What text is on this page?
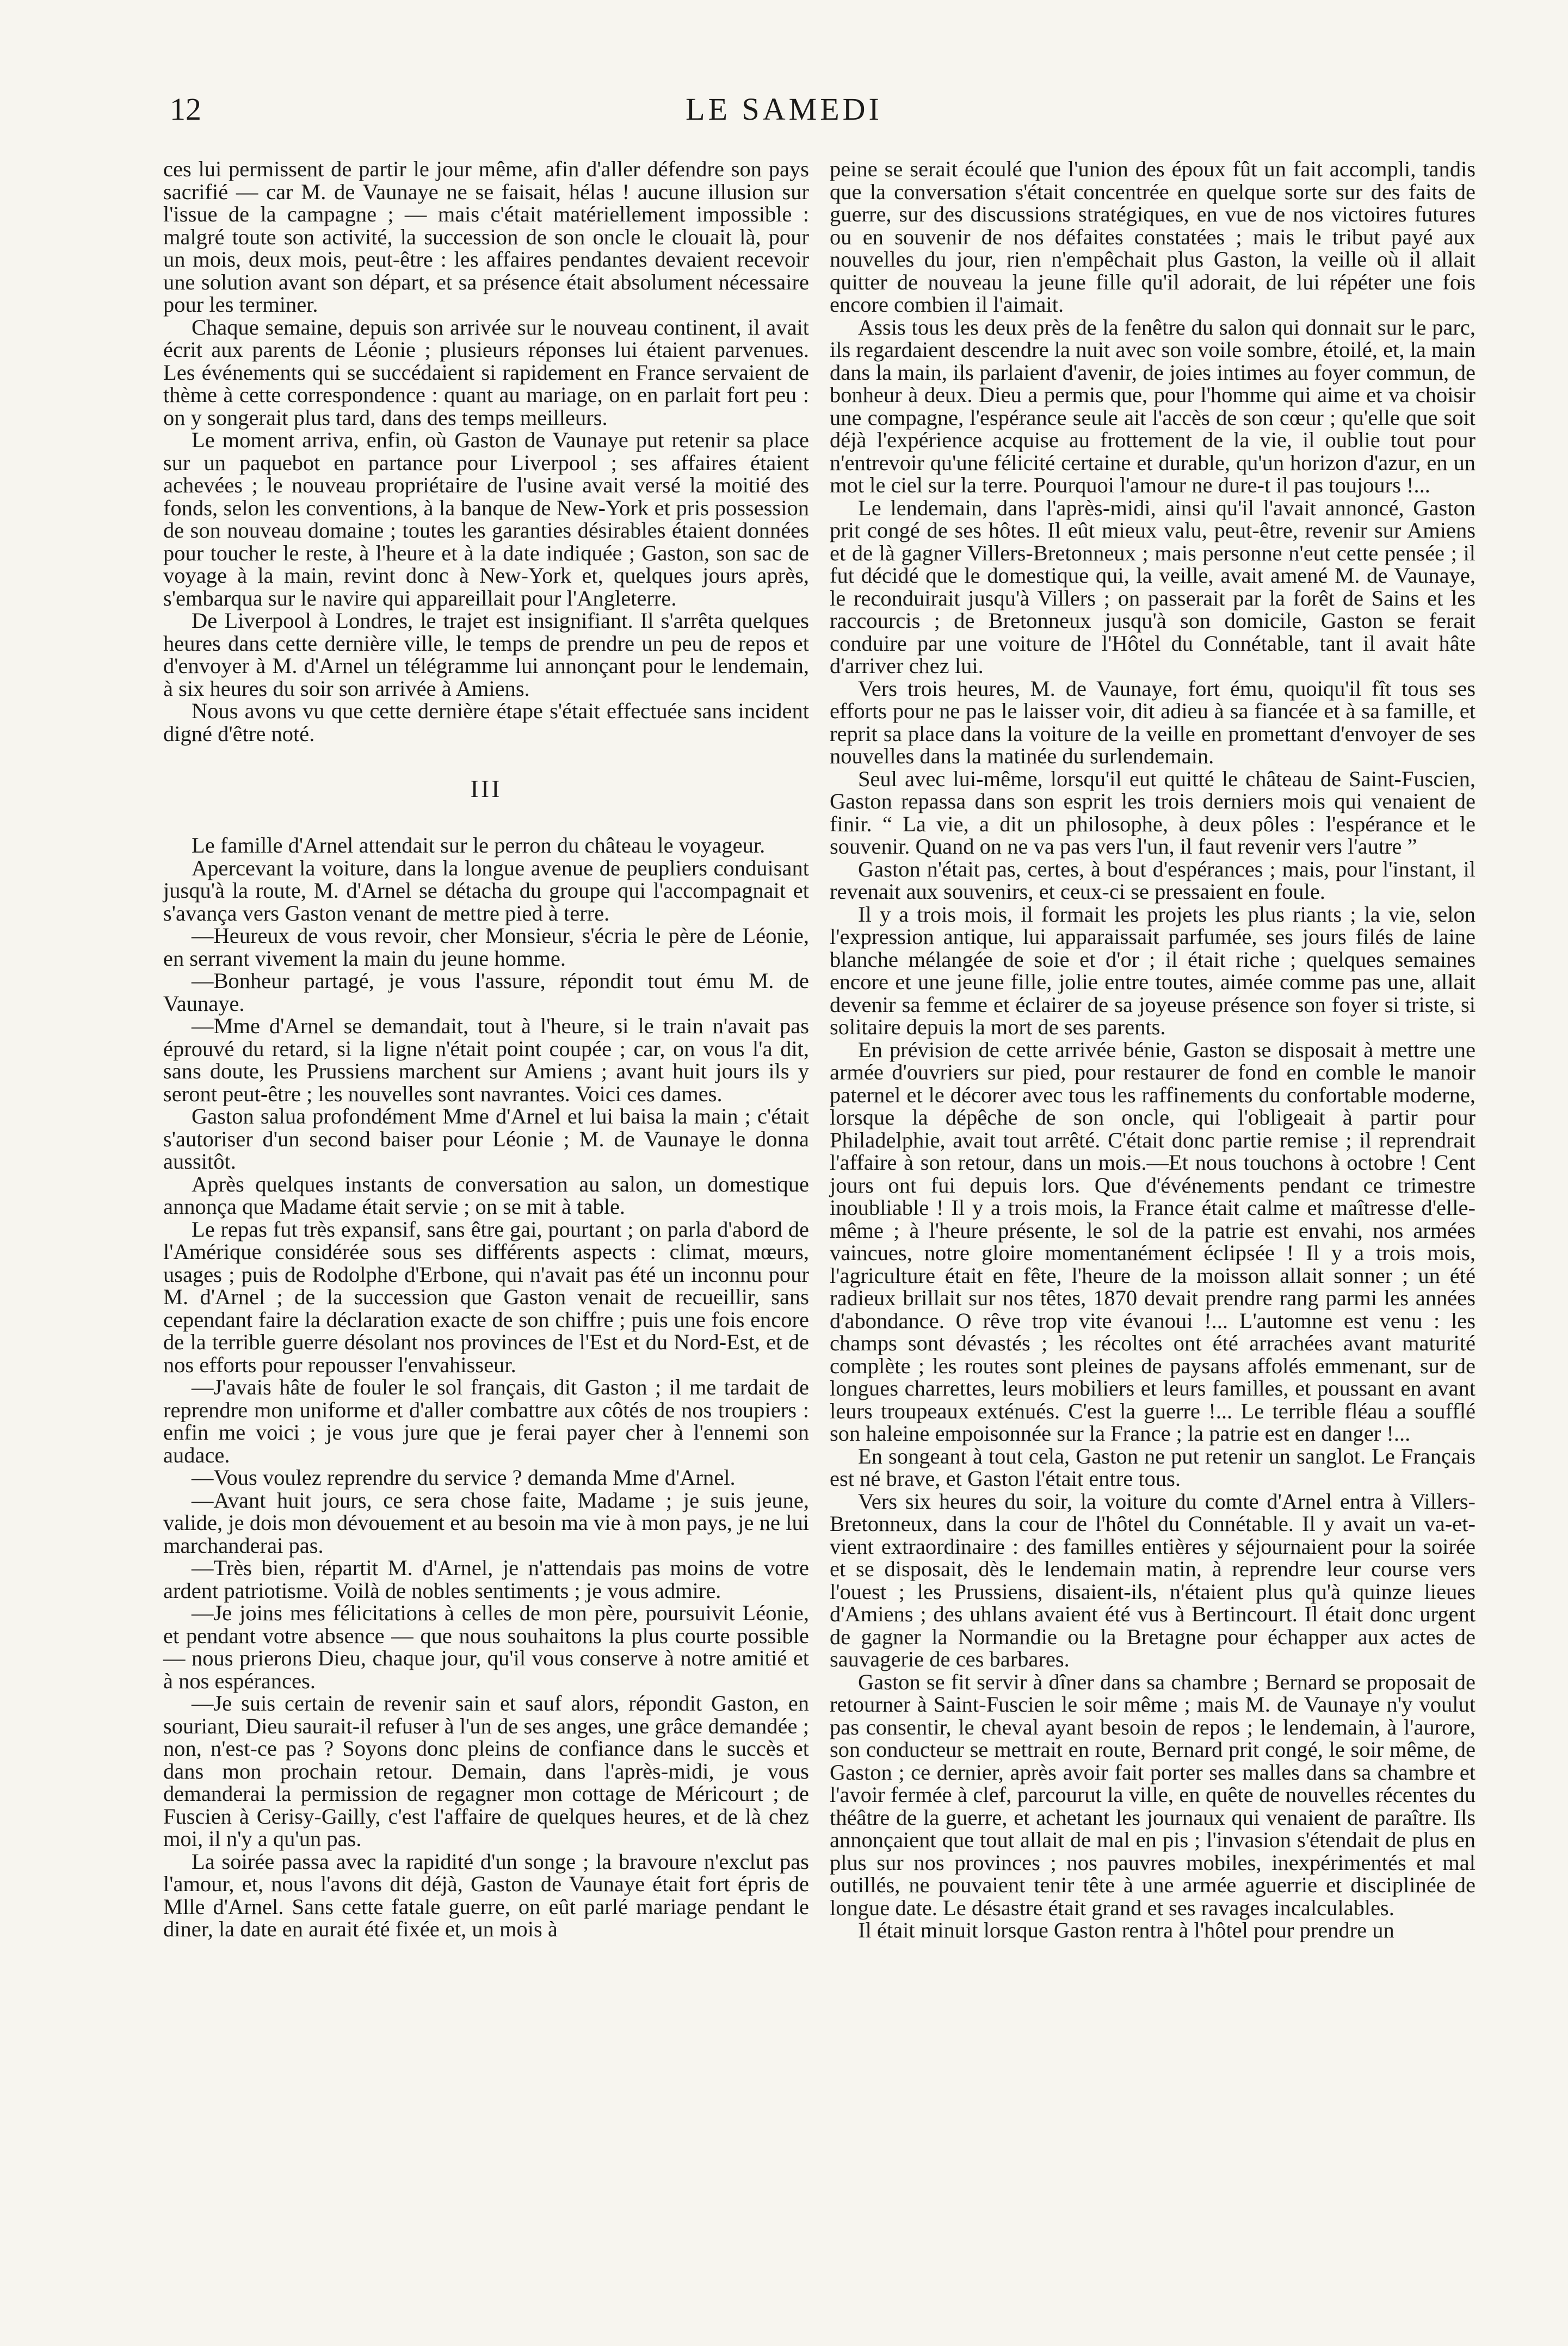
12	LE SAMEDI

ces lui permissent de partir le jour même, afin d'aller défendre son pays sacrifié — car M. de Vaunaye ne se faisait, hélas ! aucune illusion sur l'issue de la campagne ; — mais c'était matériellement impossible : malgré toute son activité, la succession de son oncle le clouait là, pour un mois, deux mois, peut-être : les affaires pendantes devaient recevoir une solution avant son départ, et sa présence était absolument nécessaire pour les terminer.

Chaque semaine, depuis son arrivée sur le nouveau continent, il avait écrit aux parents de Léonie ; plusieurs réponses lui étaient parvenues. Les événements qui se succédaient si rapidement en France servaient de thème à cette correspondence : quant au mariage, on en parlait fort peu : on y songerait plus tard, dans des temps meilleurs.

Le moment arriva, enfin, où Gaston de Vaunaye put retenir sa place sur un paquebot en partance pour Liverpool ; ses affaires étaient achevées ; le nouveau propriétaire de l'usine avait versé la moitié des fonds, selon les conventions, à la banque de New-York et pris possession de son nouveau domaine ; toutes les garanties désirables étaient données pour toucher le reste, à l'heure et à la date indiquée ; Gaston, son sac de voyage à la main, revint donc à New-York et, quelques jours après, s'embarqua sur le navire qui appareillait pour l'Angleterre.

De Liverpool à Londres, le trajet est insignifiant. Il s'arrêta quelques heures dans cette dernière ville, le temps de prendre un peu de repos et d'envoyer à M. d'Arnel un télégramme lui annonçant pour le lendemain, à six heures du soir son arrivée à Amiens.

Nous avons vu que cette dernière étape s'était effectuée sans incident digné d'être noté.

III

Le famille d'Arnel attendait sur le perron du château le voyageur.

Apercevant la voiture, dans la longue avenue de peupliers conduisant jusqu'à la route, M. d'Arnel se détacha du groupe qui l'accompagnait et s'avança vers Gaston venant de mettre pied à terre.

—Heureux de vous revoir, cher Monsieur, s'écria le père de Léonie, en serrant vivement la main du jeune homme.

—Bonheur partagé, je vous l'assure, répondit tout ému M. de Vaunaye.

—Mme d'Arnel se demandait, tout à l'heure, si le train n'avait pas éprouvé du retard, si la ligne n'était point coupée ; car, on vous l'a dit, sans doute, les Prussiens marchent sur Amiens ; avant huit jours ils y seront peut-être ; les nouvelles sont navrantes. Voici ces dames.

Gaston salua profondément Mme d'Arnel et lui baisa la main ; c'était s'autoriser d'un second baiser pour Léonie ; M. de Vaunaye le donna aussitôt.

Après quelques instants de conversation au salon, un domestique annonça que Madame était servie ; on se mit à table.

Le repas fut très expansif, sans être gai, pourtant ; on parla d'abord de l'Amérique considérée sous ses différents aspects : climat, mœurs, usages ; puis de Rodolphe d'Erbone, qui n'avait pas été un inconnu pour M. d'Arnel ; de la succession que Gaston venait de recueillir, sans cependant faire la déclaration exacte de son chiffre ; puis une fois encore de la terrible guerre désolant nos provinces de l'Est et du Nord-Est, et de nos efforts pour repousser l'envahisseur.

—J'avais hâte de fouler le sol français, dit Gaston ; il me tardait de reprendre mon uniforme et d'aller combattre aux côtés de nos troupiers : enfin me voici ; je vous jure que je ferai payer cher à l'ennemi son audace.

—Vous voulez reprendre du service ? demanda Mme d'Arnel.

—Avant huit jours, ce sera chose faite, Madame ; je suis jeune, valide, je dois mon dévouement et au besoin ma vie à mon pays, je ne lui marchanderai pas.

—Très bien, répartit M. d'Arnel, je n'attendais pas moins de votre ardent patriotisme. Voilà de nobles sentiments ; je vous admire.

—Je joins mes félicitations à celles de mon père, poursuivit Léonie, et pendant votre absence — que nous souhaitons la plus courte possible — nous prierons Dieu, chaque jour, qu'il vous conserve à notre amitié et à nos espérances.

—Je suis certain de revenir sain et sauf alors, répondit Gaston, en souriant, Dieu saurait-il refuser à l'un de ses anges, une grâce demandée ; non, n'est-ce pas ? Soyons donc pleins de confiance dans le succès et dans mon prochain retour. Demain, dans l'après-midi, je vous demanderai la permission de regagner mon cottage de Méricourt ; de Fuscien à Cerisy-Gailly, c'est l'affaire de quelques heures, et de là chez moi, il n'y a qu'un pas.

La soirée passa avec la rapidité d'un songe ; la bravoure n'exclut pas l'amour, et, nous l'avons dit déjà, Gaston de Vaunaye était fort épris de Mlle d'Arnel. Sans cette fatale guerre, on eût parlé mariage pendant le diner, la date en aurait été fixée et, un mois à

peine se serait écoulé que l'union des époux fût un fait accompli, tandis que la conversation s'était concentrée en quelque sorte sur des faits de guerre, sur des discussions stratégiques, en vue de nos victoires futures ou en souvenir de nos défaites constatées ; mais le tribut payé aux nouvelles du jour, rien n'empêchait plus Gaston, la veille où il allait quitter de nouveau la jeune fille qu'il adorait, de lui répéter une fois encore combien il l'aimait.

Assis tous les deux près de la fenêtre du salon qui donnait sur le parc, ils regardaient descendre la nuit avec son voile sombre, étoilé, et, la main dans la main, ils parlaient d'avenir, de joies intimes au foyer commun, de bonheur à deux. Dieu a permis que, pour l'homme qui aime et va choisir une compagne, l'espérance seule ait l'accès de son cœur ; qu'elle que soit déjà l'expérience acquise au frottement de la vie, il oublie tout pour n'entrevoir qu'une félicité certaine et durable, qu'un horizon d'azur, en un mot le ciel sur la terre. Pourquoi l'amour ne dure-t il pas toujours !...

Le lendemain, dans l'après-midi, ainsi qu'il l'avait annoncé, Gaston prit congé de ses hôtes. Il eût mieux valu, peut-être, revenir sur Amiens et de là gagner Villers-Bretonneux ; mais personne n'eut cette pensée ; il fut décidé que le domestique qui, la veille, avait amené M. de Vaunaye, le reconduirait jusqu'à Villers ; on passerait par la forêt de Sains et les raccourcis ; de Bretonneux jusqu'à son domicile, Gaston se ferait conduire par une voiture de l'Hôtel du Connétable, tant il avait hâte d'arriver chez lui.

Vers trois heures, M. de Vaunaye, fort ému, quoiqu'il fît tous ses efforts pour ne pas le laisser voir, dit adieu à sa fiancée et à sa famille, et reprit sa place dans la voiture de la veille en promettant d'envoyer de ses nouvelles dans la matinée du surlendemain.

Seul avec lui-même, lorsqu'il eut quitté le château de Saint-Fuscien, Gaston repassa dans son esprit les trois derniers mois qui venaient de finir. “ La vie, a dit un philosophe, à deux pôles : l'espérance et le souvenir. Quand on ne va pas vers l'un, il faut revenir vers l'autre ”

Gaston n'était pas, certes, à bout d'espérances ; mais, pour l'instant, il revenait aux souvenirs, et ceux-ci se pressaient en foule.

Il y a trois mois, il formait les projets les plus riants ; la vie, selon l'expression antique, lui apparaissait parfumée, ses jours filés de laine blanche mélangée de soie et d'or ; il était riche ; quelques semaines encore et une jeune fille, jolie entre toutes, aimée comme pas une, allait devenir sa femme et éclairer de sa joyeuse présence son foyer si triste, si solitaire depuis la mort de ses parents.

En prévision de cette arrivée bénie, Gaston se disposait à mettre une armée d'ouvriers sur pied, pour restaurer de fond en comble le manoir paternel et le décorer avec tous les raffinements du confortable moderne, lorsque la dépêche de son oncle, qui l'obligeait à partir pour Philadelphie, avait tout arrêté. C'était donc partie remise ; il reprendrait l'affaire à son retour, dans un mois.—Et nous touchons à octobre ! Cent jours ont fui depuis lors. Que d'événements pendant ce trimestre inoubliable ! Il y a trois mois, la France était calme et maîtresse d'elle-même ; à l'heure présente, le sol de la patrie est envahi, nos armées vaincues, notre gloire momentanément éclipsée ! Il y a trois mois, l'agriculture était en fête, l'heure de la moisson allait sonner ; un été radieux brillait sur nos têtes, 1870 devait prendre rang parmi les années d'abondance. O rêve trop vite évanoui !... L'automne est venu : les champs sont dévastés ; les récoltes ont été arrachées avant maturité complète ; les routes sont pleines de paysans affolés emmenant, sur de longues charrettes, leurs mobiliers et leurs familles, et poussant en avant leurs troupeaux exténués. C'est la guerre !... Le terrible fléau a soufflé son haleine empoisonnée sur la France ; la patrie est en danger !...

En songeant à tout cela, Gaston ne put retenir un sanglot. Le Français est né brave, et Gaston l'était entre tous.

Vers six heures du soir, la voiture du comte d'Arnel entra à Villers-Bretonneux, dans la cour de l'hôtel du Connétable. Il y avait un va-et-vient extraordinaire : des familles entières y séjournaient pour la soirée et se disposait, dès le lendemain matin, à reprendre leur course vers l'ouest ; les Prussiens, disaient-ils, n'étaient plus qu'à quinze lieues d'Amiens ; des uhlans avaient été vus à Bertincourt. Il était donc urgent de gagner la Normandie ou la Bretagne pour échapper aux actes de sauvagerie de ces barbares.

Gaston se fit servir à dîner dans sa chambre ; Bernard se proposait de retourner à Saint-Fuscien le soir même ; mais M. de Vaunaye n'y voulut pas consentir, le cheval ayant besoin de repos ; le lendemain, à l'aurore, son conducteur se mettrait en route, Bernard prit congé, le soir même, de Gaston ; ce dernier, après avoir fait porter ses malles dans sa chambre et l'avoir fermée à clef, parcourut la ville, en quête de nouvelles récentes du théâtre de la guerre, et achetant les journaux qui venaient de paraître. Ils annonçaient que tout allait de mal en pis ; l'invasion s'étendait de plus en plus sur nos provinces ; nos pauvres mobiles, inexpérimentés et mal outillés, ne pouvaient tenir tête à une armée aguerrie et disciplinée de longue date. Le désastre était grand et ses ravages incalculables.

Il était minuit lorsque Gaston rentra à l'hôtel pour prendre un
